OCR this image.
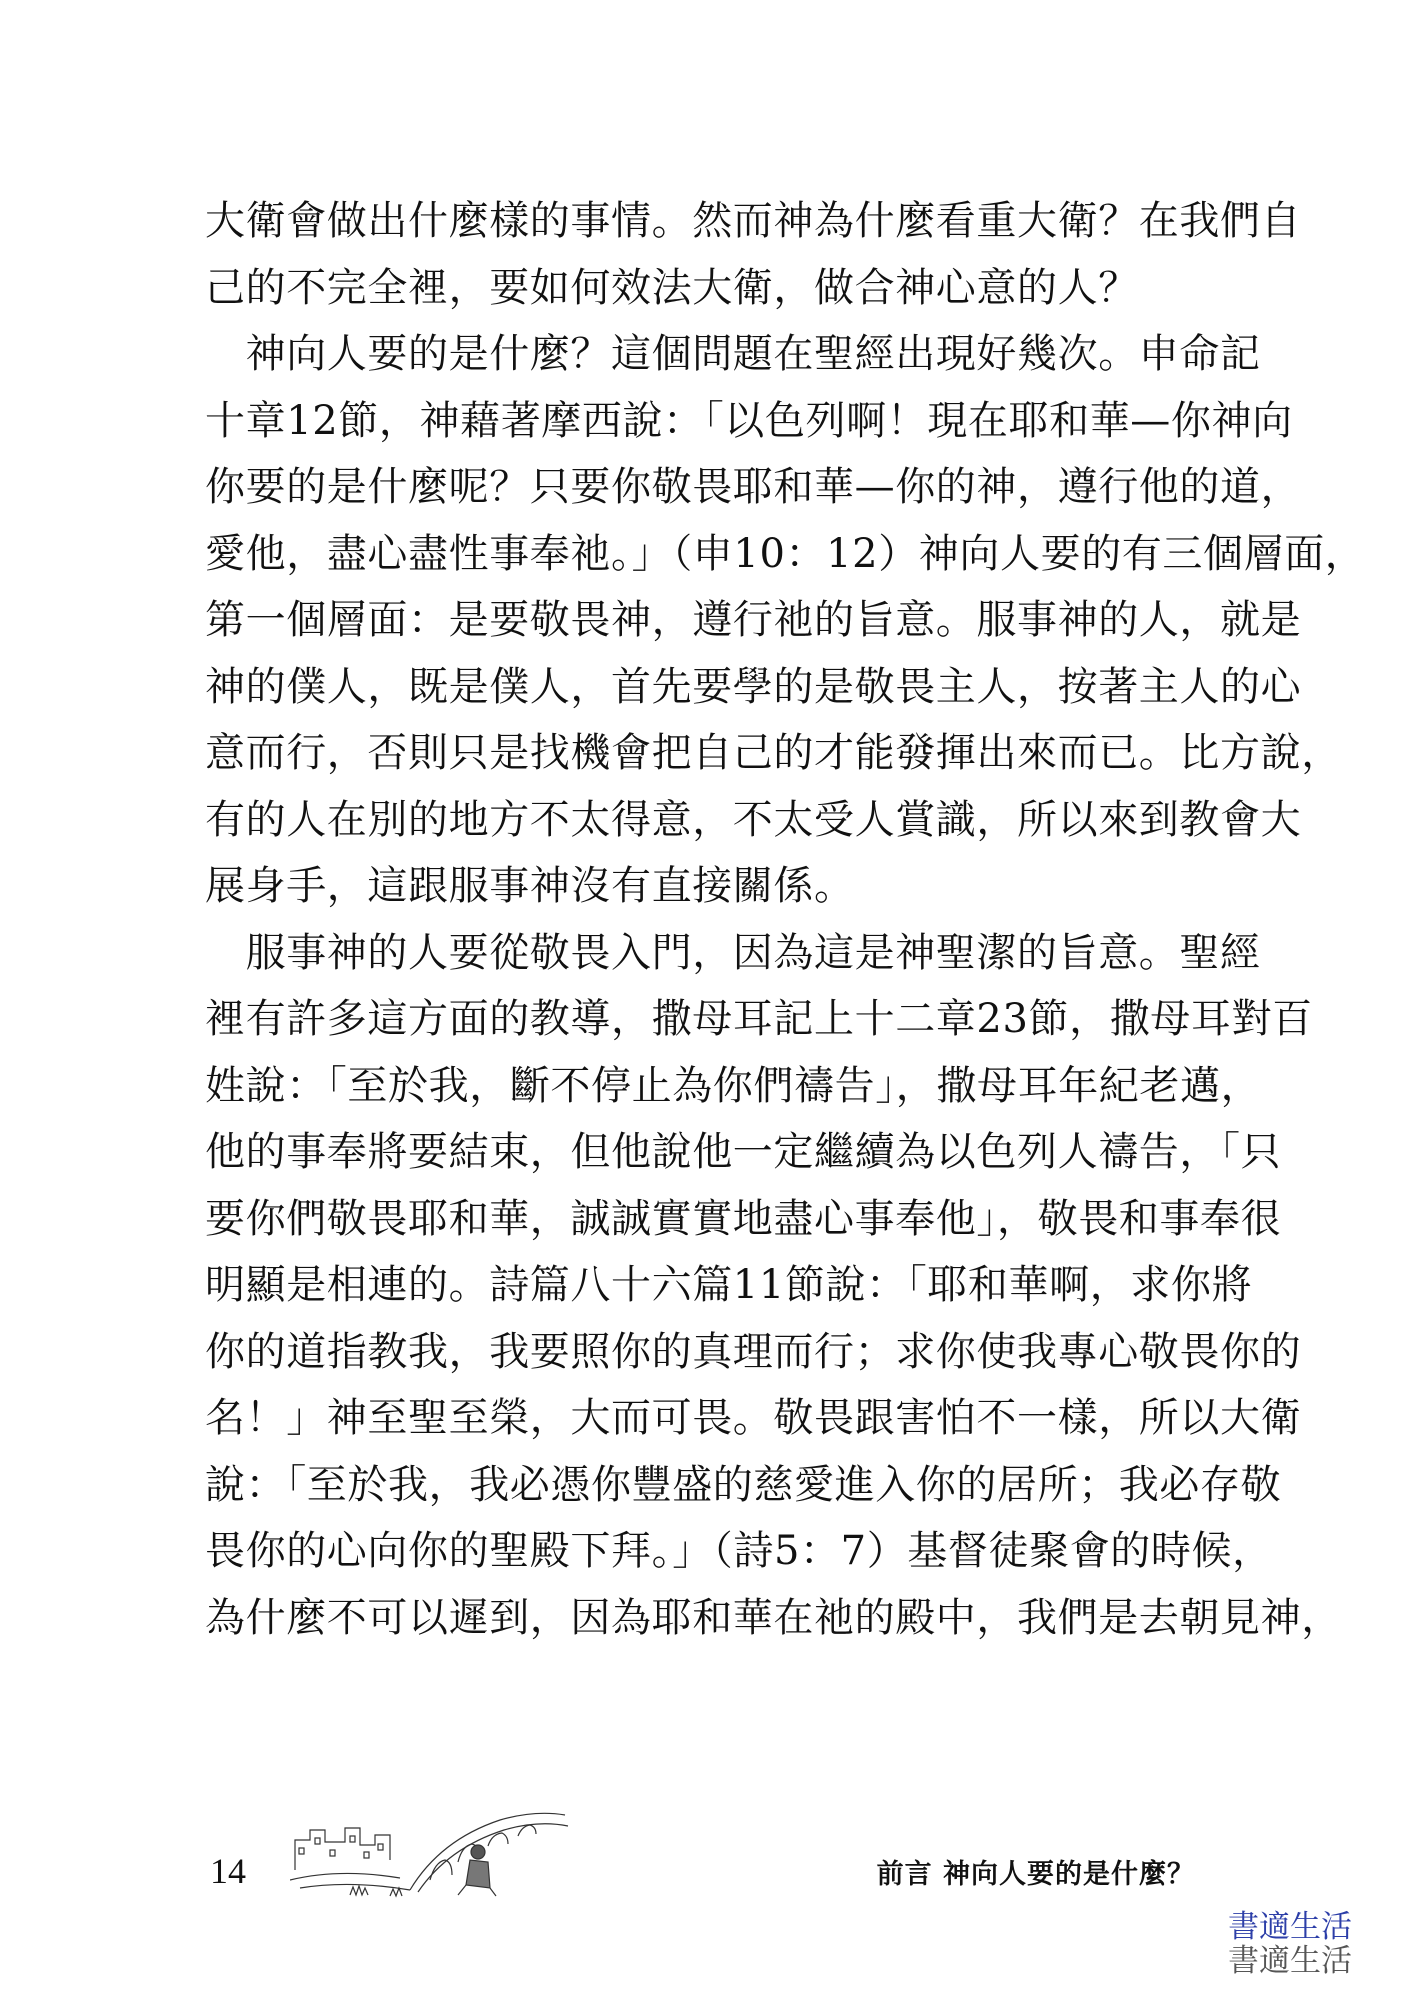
大衛會做出什麼樣的事情。然而神為什麼看重大衛？在我們自
己的不完全裡，要如何效法大衛，做合神心意的人？
　神向人要的是什麼？這個問題在聖經出現好幾次。申命記
十章12節，神藉著摩西說：「以色列啊！現在耶和華—你神向
你要的是什麼呢？只要你敬畏耶和華—你的神，遵行他的道，
愛他，盡心盡性事奉祂。」（申10：12）神向人要的有三個層面，
第一個層面：是要敬畏神，遵行祂的旨意。服事神的人，就是
神的僕人，既是僕人，首先要學的是敬畏主人，按著主人的心
意而行，否則只是找機會把自己的才能發揮出來而已。比方說，
有的人在別的地方不太得意，不太受人賞識，所以來到教會大
展身手，這跟服事神沒有直接關係。
　服事神的人要從敬畏入門，因為這是神聖潔的旨意。聖經
裡有許多這方面的教導，撒母耳記上十二章23節，撒母耳對百
姓說：「至於我，斷不停止為你們禱告」，撒母耳年紀老邁，
他的事奉將要結束，但他說他一定繼續為以色列人禱告，「只
要你們敬畏耶和華，誠誠實實地盡心事奉他」，敬畏和事奉很
明顯是相連的。詩篇八十六篇11節說：「耶和華啊，求你將
你的道指教我，我要照你的真理而行；求你使我專心敬畏你的
名！」神至聖至榮，大而可畏。敬畏跟害怕不一樣，所以大衛
說：「至於我，我必憑你豐盛的慈愛進入你的居所；我必存敬
畏你的心向你的聖殿下拜。」（詩5：7）基督徒聚會的時候，
為什麼不可以遲到，因為耶和華在祂的殿中，我們是去朝見神，
14	前言 神向人要的是什麼？
書適生活
書適生活
